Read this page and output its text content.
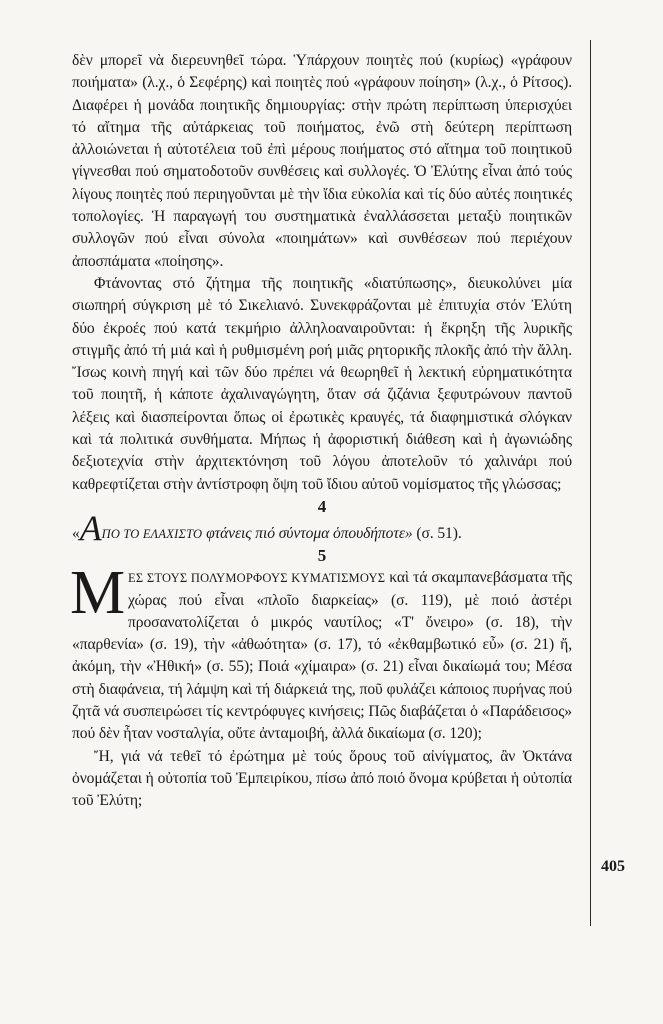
δὲν μπορεῖ νὰ διερευνηθεῖ τώρα. Ὑπάρχουν ποιητὲς πού (κυρίως) «γράφουν ποιήματα» (λ.χ., ὁ Σεφέρης) καὶ ποιητὲς πού «γράφουν ποίηση» (λ.χ., ὁ Ρίτσος). Διαφέρει ἡ μονάδα ποιητικῆς δημιουργίας: στὴν πρώτη περίπτωση ὑπερισχύει τό αἴτημα τῆς αὐτάρκειας τοῦ ποιήματος, ἐνῶ στὴ δεύτερη περίπτωση ἀλλοιώνεται ἡ αὐτοτέλεια τοῦ ἐπὶ μέρους ποιήματος στό αἴτημα τοῦ ποιητικοῦ γίγνεσθαι πού σηματοδοτοῦν συνθέσεις καὶ συλλογές. Ὁ Ἐλύτης εἶναι ἀπό τούς λίγους ποιητὲς πού περιηγοῦνται μὲ τὴν ἴδια εὐκολία καὶ τίς δύο αὐτές ποιητικές τοπολογίες. Ἡ παραγωγή του συστηματικὰ ἐναλλάσσεται μεταξὺ ποιητικῶν συλλογῶν πού εἶναι σύνολα «ποιημάτων» καὶ συνθέσεων πού περιέχουν ἀποσπάματα «ποίησης».

Φτάνοντας στό ζήτημα τῆς ποιητικῆς «διατύπωσης», διευκολύνει μία σιωπηρή σύγκριση μὲ τό Σικελιανό. Συνεκφράζονται μὲ ἐπιτυχία στόν Ἐλύτη δύο ἐκροές πού κατά τεκμήριο ἀλληλοαναιροῦνται: ἡ ἔκρηξη τῆς λυρικῆς στιγμῆς ἀπό τή μιά καὶ ἡ ρυθμισμένη ροή μιᾶς ρητορικῆς πλοκῆς ἀπό τὴν ἄλλη. Ἴσως κοινὴ πηγή καὶ τῶν δύο πρέπει νά θεωρηθεῖ ἡ λεκτική εὐρηματικότητα τοῦ ποιητῆ, ἡ κάποτε ἀχαλιναγώγητη, ὅταν σά ζιζάνια ξεφυτρώνουν παντοῦ λέξεις καὶ διασπείρονται ὅπως οἱ ἐρωτικὲς κραυγές, τά διαφημιστικά σλόγκαν καὶ τά πολιτικά συνθήματα. Μήπως ἡ ἀφοριστική διάθεση καὶ ἡ ἀγωνιώδης δεξιοτεχνία στὴν ἀρχιτεκτόνηση τοῦ λόγου ἀποτελοῦν τό χαλινάρι πού καθρεφτίζεται στὴν ἀντίστροφη ὄψη τοῦ ἴδιου αὐτοῦ νομίσματος τῆς γλώσσας;

4

«ΑΠΟ ΤΟ ΕΛΑΧΙΣΤΟ φτάνεις πιό σύντομα ὁπουδήποτε» (σ. 51).

5

ΜΕΣ ΣΤΟΥΣ ΠΟΛΥΜΟΡΦΟΥΣ ΚΥΜΑΤΙΣΜΟΥΣ καὶ τά σκαμπανεβάσματα τῆς χώρας πού εἶναι «πλοῖο διαρκείας» (σ. 119), μὲ ποιό ἀστέρι προσανατολίζεται ὁ μικρός ναυτίλος; «Τ' ὄνειρο» (σ. 18), τὴν «παρθενία» (σ. 19), τὴν «ἀθωότητα» (σ. 17), τό «ἐκθαμβωτικό εὖ» (σ. 21) ἤ, ἀκόμη, τὴν «Ἠθική» (σ. 55); Ποιά «χίμαιρα» (σ. 21) εἶναι δικαίωμά του; Μέσα στὴ διαφάνεια, τή λάμψη καὶ τή διάρκειά της, ποῦ φυλάζει κάποιος πυρήνας πού ζητᾶ νά συσπειρώσει τίς κεντρόφυγες κινήσεις; Πῶς διαβάζεται ὁ «Παράδεισος» πού δὲν ἦταν νοσταλγία, οὔτε ἀνταμοιβή, ἀλλά δικαίωμα (σ. 120);

Ἤ, γιά νά τεθεῖ τό ἐρώτημα μὲ τούς ὅρους τοῦ αἰνίγματος, ἂν Ὀκτάνα ὀνομάζεται ἡ οὐτοπία τοῦ Ἐμπειρίκου, πίσω ἀπό ποιό ὄνομα κρύβεται ἡ οὐτοπία τοῦ Ἐλύτη;

405
